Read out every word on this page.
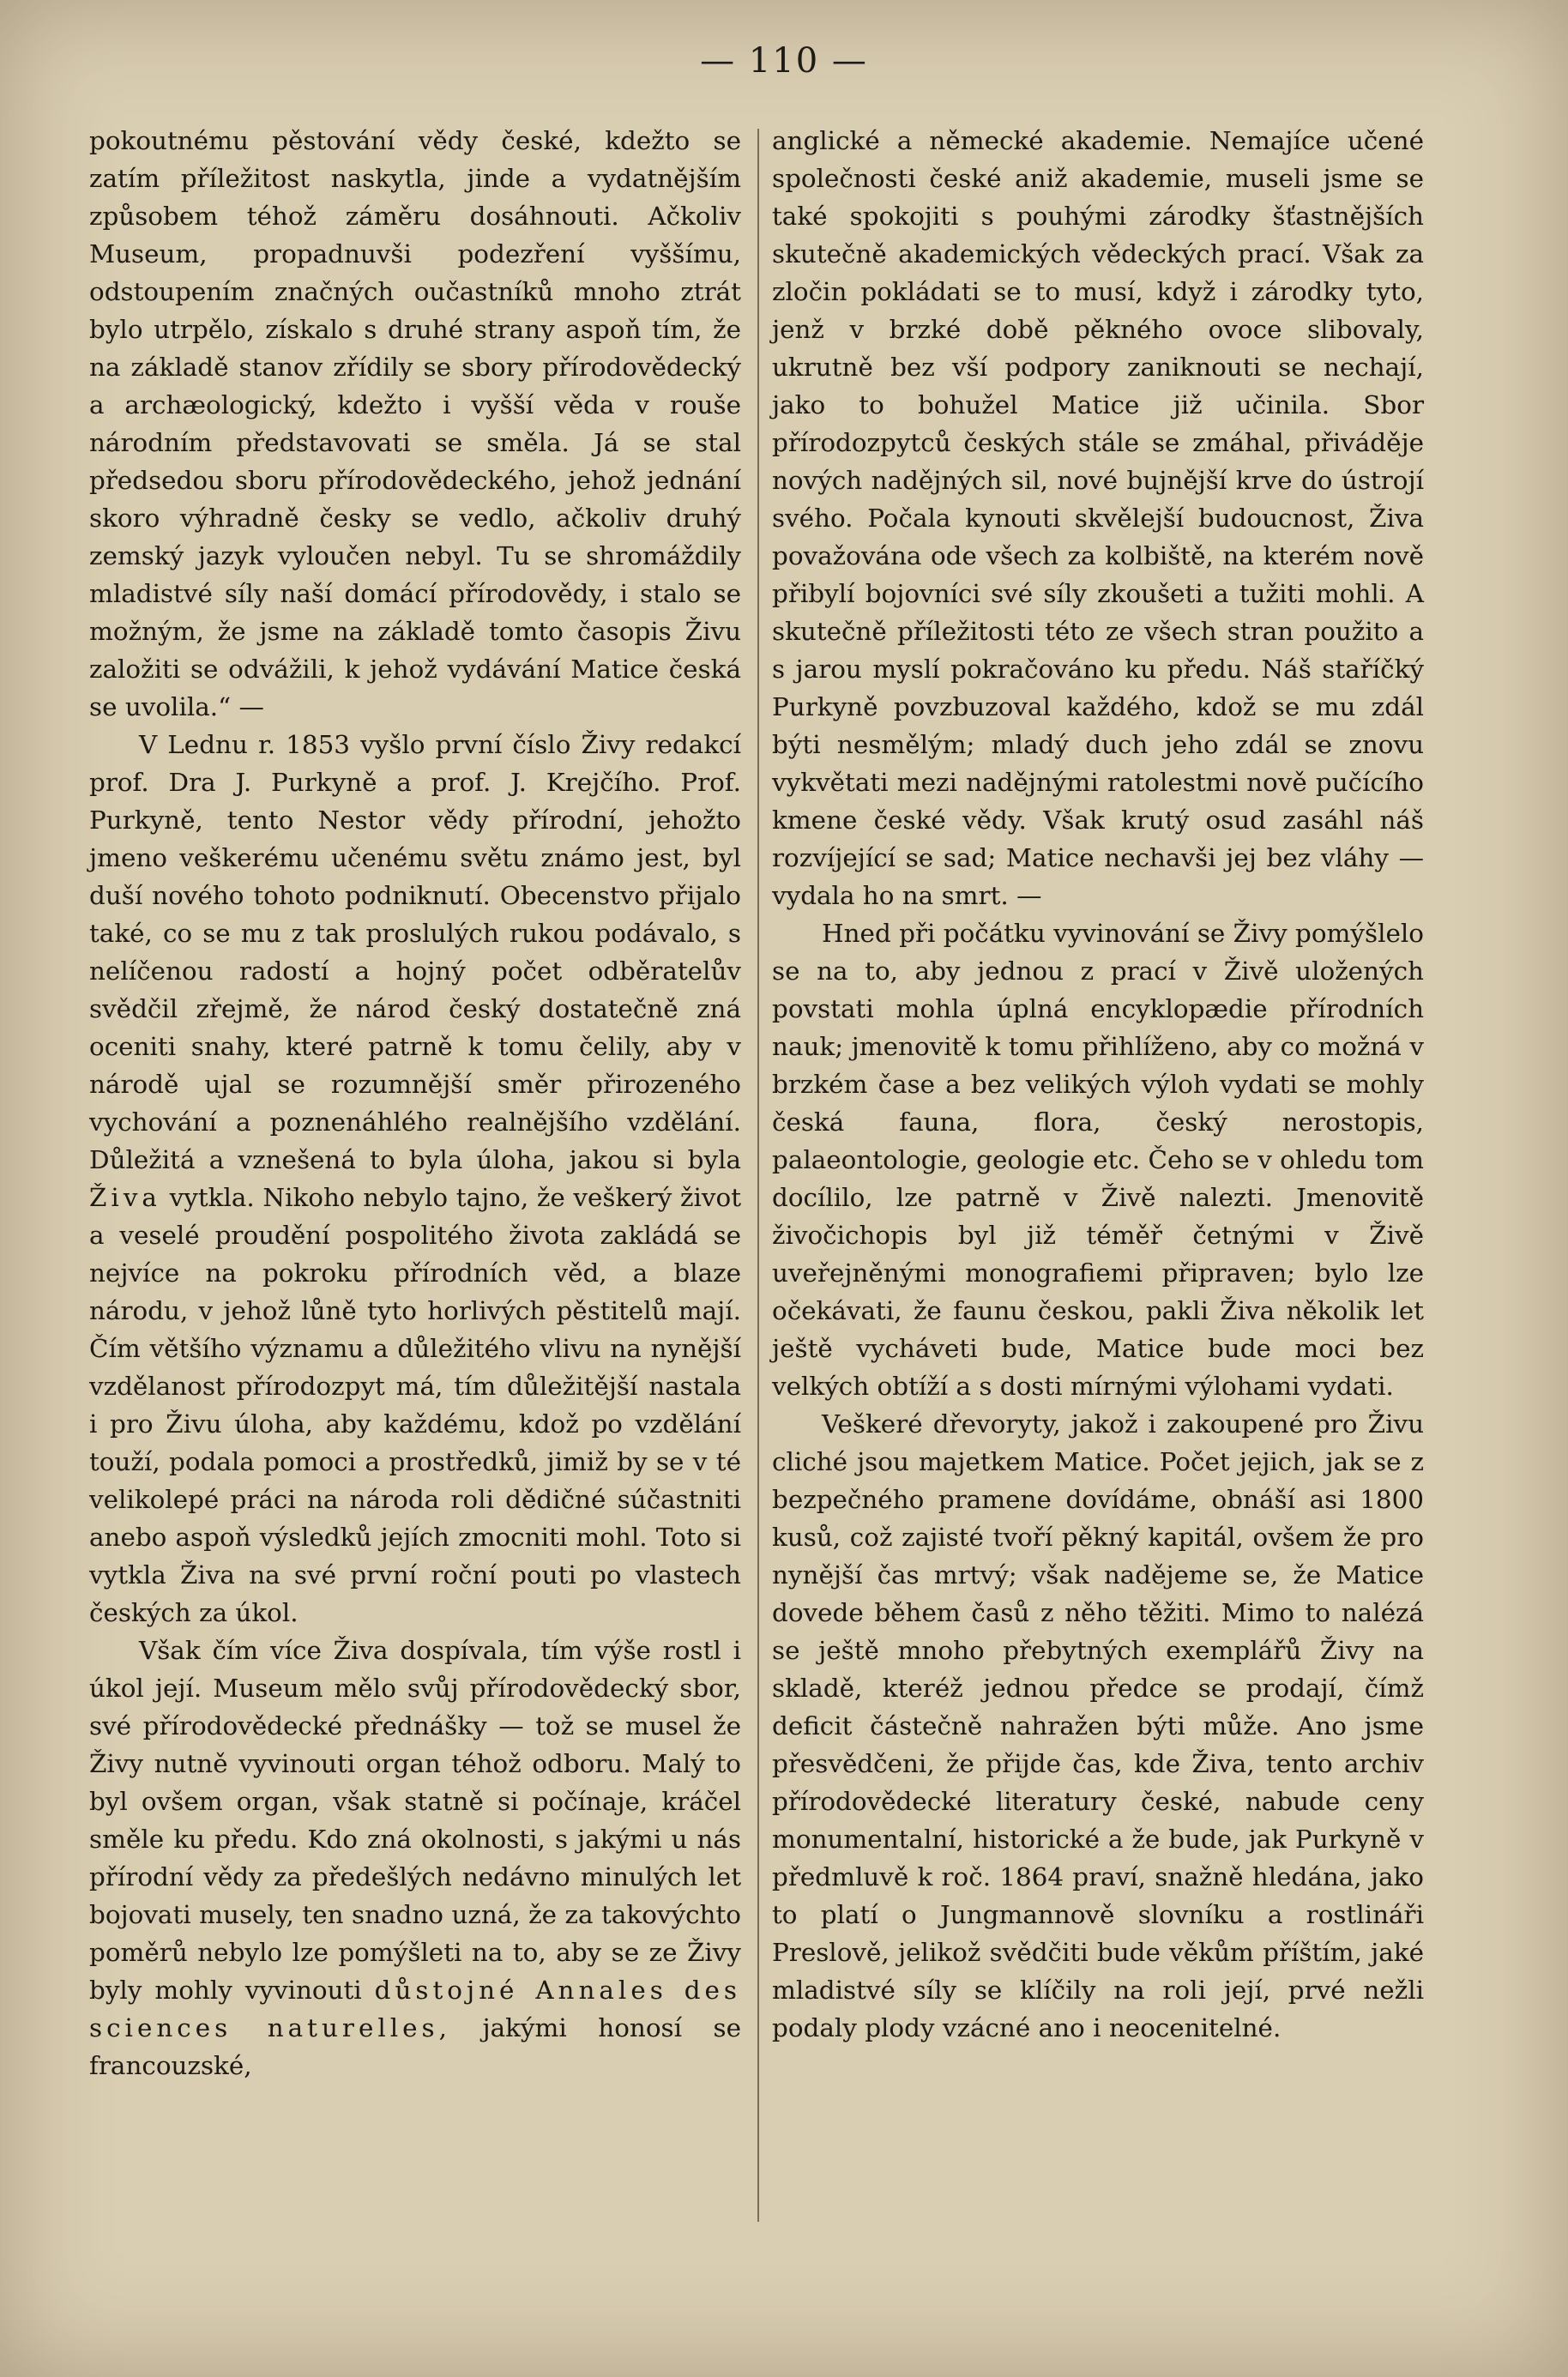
— 110 —

pokoutnému pěstování vědy české, kdežto se zatím příležitost naskytla, jinde a vydatnějším způsobem téhož záměru dosáhnouti. Ačkoliv Museum, propadnuvši podezření vyššímu, odstoupením značných oučastníků mnoho ztrát bylo utrpělo, získalo s druhé strany aspoň tím, že na základě stanov zřídily se sbory přírodovědecký a archæologický, kdežto i vyšší věda v rouše národním představovati se směla. Já se stal předsedou sboru přírodovědeckého, jehož jednání skoro výhradně česky se vedlo, ačkoliv druhý zemský jazyk vyloučen nebyl. Tu se shromáždily mladistvé síly naší domácí přírodovědy, i stalo se možným, že jsme na základě tomto časopis Živu založiti se odvážili, k jehož vydávání Matice česká se uvolila.“ —

V Lednu r. 1853 vyšlo první číslo Živy redakcí prof. Dra J. Purkyně a prof. J. Krejčího. Prof. Purkyně, tento Nestor vědy přírodní, jehožto jmeno veškerému učenému světu známo jest, byl duší nového tohoto podniknutí. Obecenstvo přijalo také, co se mu z tak proslulých rukou podávalo, s nelíčenou radostí a hojný počet odběratelův svědčil zřejmě, že národ český dostatečně zná oceniti snahy, které patrně k tomu čelily, aby v národě ujal se rozumnější směr přirozeného vychování a poznenáhlého realnějšího vzdělání. Důležitá a vznešená to byla úloha, jakou si byla Živa vytkla. Nikoho nebylo tajno, že veškerý život a veselé proudění pospolitého života zakládá se nejvíce na pokroku přírodních věd, a blaze národu, v jehož lůně tyto horlivých pěstitelů mají. Čím většího významu a důležitého vlivu na nynější vzdělanost přírodozpyt má, tím důležitější nastala i pro Živu úloha, aby každému, kdož po vzdělání touží, podala pomoci a prostředků, jimiž by se v té velikolepé práci na národa roli dědičné súčastniti anebo aspoň výsledků jejích zmocniti mohl. Toto si vytkla Živa na své první roční pouti po vlastech českých za úkol.

Však čím více Živa dospívala, tím výše rostl i úkol její. Museum mělo svůj přírodovědecký sbor, své přírodovědecké přednášky — tož se musel že Živy nutně vyvinouti organ téhož odboru. Malý to byl ovšem organ, však statně si počínaje, kráčel směle ku předu. Kdo zná okolnosti, s jakými u nás přírodní vědy za předešlých nedávno minulých let bojovati musely, ten snadno uzná, že za takovýchto poměrů nebylo lze pomýšleti na to, aby se ze Živy byly mohly vyvinouti důstojné Annales des sciences naturelles, jakými honosí se francouzské,

anglické a německé akademie. Nemajíce učené společnosti české aniž akademie, museli jsme se také spokojiti s pouhými zárodky šťastnějších skutečně akademických vědeckých prací. Však za zločin pokládati se to musí, když i zárodky tyto, jenž v brzké době pěkného ovoce slibovaly, ukrutně bez vší podpory zaniknouti se nechají, jako to bohužel Matice již učinila. Sbor přírodozpytců českých stále se zmáhal, přiváděje nových nadějných sil, nové bujnější krve do ústrojí svého. Počala kynouti skvělejší budoucnost, Živa považována ode všech za kolbiště, na kterém nově přibylí bojovníci své síly zkoušeti a tužiti mohli. A skutečně příležitosti této ze všech stran použito a s jarou myslí pokračováno ku předu. Náš staříčký Purkyně povzbuzoval každého, kdož se mu zdál býti nesmělým; mladý duch jeho zdál se znovu vykvětati mezi nadějnými ratolestmi nově pučícího kmene české vědy. Však krutý osud zasáhl náš rozvíjející se sad; Matice nechavši jej bez vláhy — vydala ho na smrt. —

Hned při počátku vyvinování se Živy pomýšlelo se na to, aby jednou z prací v Živě uložených povstati mohla úplná encyklopædie přírodních nauk; jmenovitě k tomu přihlíženo, aby co možná v brzkém čase a bez velikých výloh vydati se mohly česká fauna, flora, český nerostopis, palaeontologie, geologie etc. Čeho se v ohledu tom docílilo, lze patrně v Živě nalezti. Jmenovitě živočichopis byl již téměř četnými v Živě uveřejněnými monografiemi připraven; bylo lze očekávati, že faunu českou, pakli Živa několik let ještě vycháveti bude, Matice bude moci bez velkých obtíží a s dosti mírnými výlohami vydati.

Veškeré dřevoryty, jakož i zakoupené pro Živu cliché jsou majetkem Matice. Počet jejich, jak se z bezpečného pramene dovídáme, obnáší asi 1800 kusů, což zajisté tvoří pěkný kapitál, ovšem že pro nynější čas mrtvý; však naděјeme se, že Matice dovede během časů z něho těžiti. Mimo to nalézá se ještě mnoho přebytných exemplářů Živy na skladě, kteréž jednou předce se prodají, čímž deficit částečně nahražen býti může. Ano jsme přesvědčeni, že přijde čas, kde Živa, tento archiv přírodovědecké literatury české, nabude ceny monumentalní, historické a že bude, jak Purkyně v předmluvě k roč. 1864 praví, snažně hledána, jako to platí o Jungmannově slovníku a rostlináři Preslově, jelikož svědčiti bude věkům příštím, jaké mladistvé síly se klíčily na roli její, prvé nežli podaly plody vzácné ano i neocenitelné.
